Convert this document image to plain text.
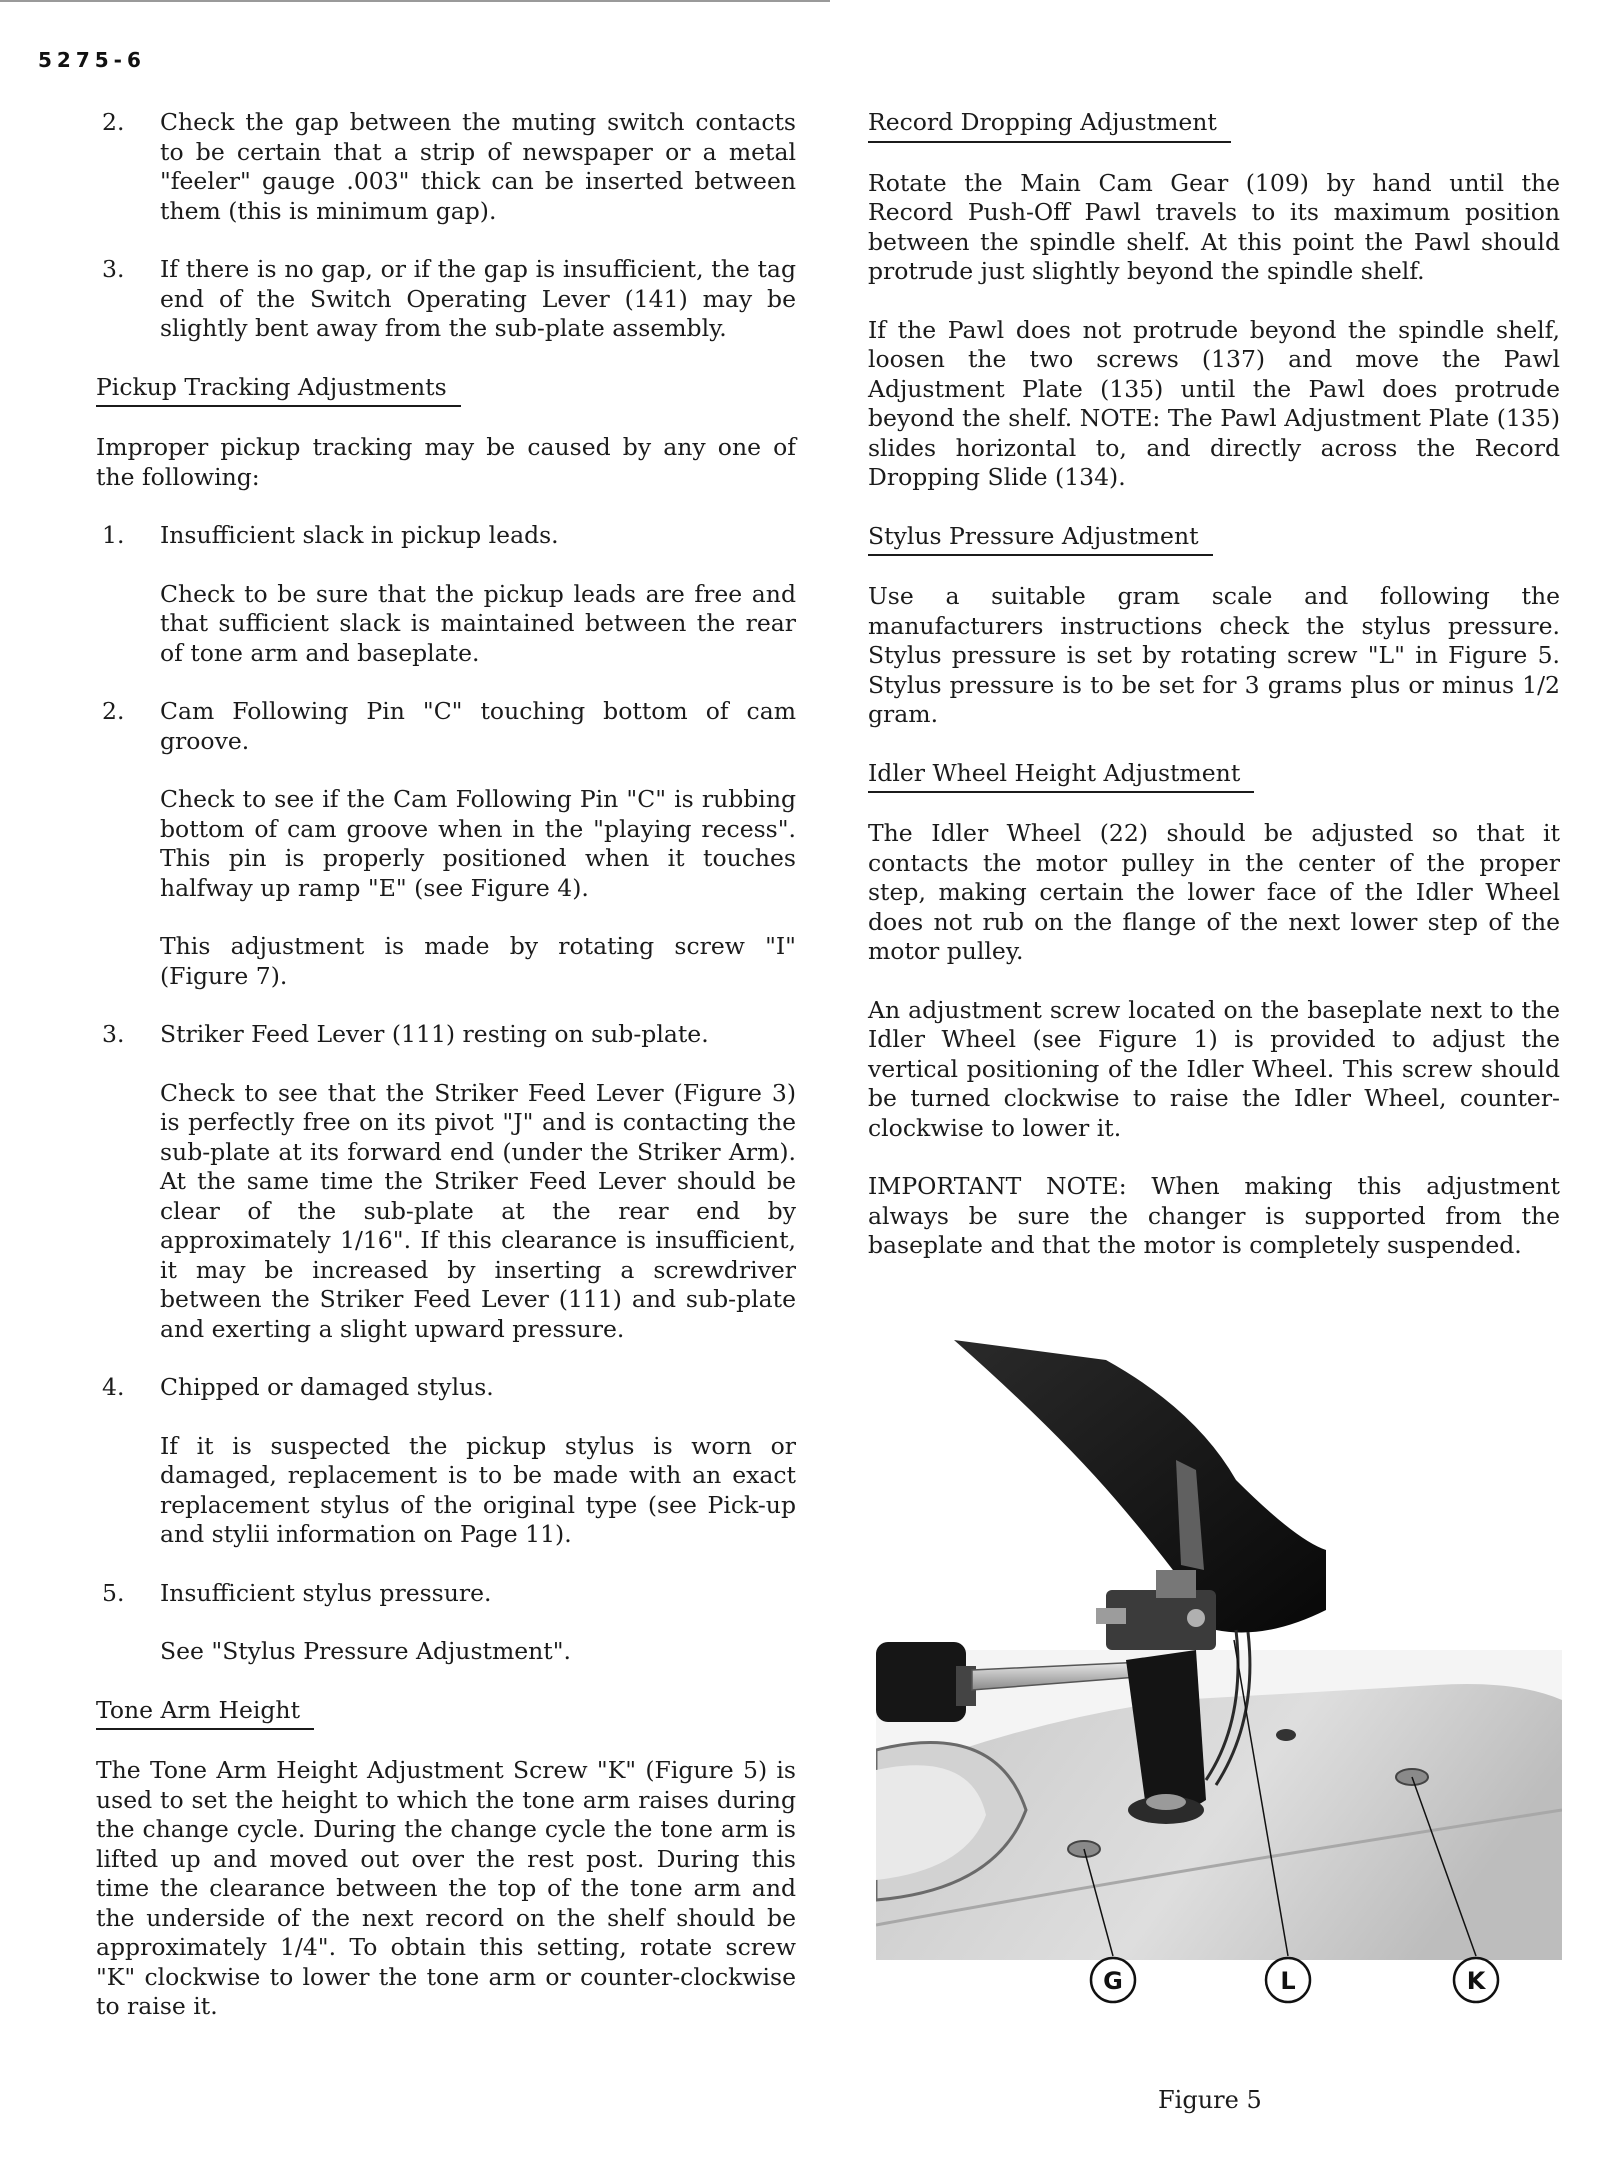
5275-6
2. Check the gap between the muting switch contacts to be certain that a strip of newspaper or a metal "feeler" gauge .003" thick can be inserted between them (this is minimum gap).

3. If there is no gap, or if the gap is insufficient, the tag end of the Switch Operating Lever (141) may be slightly bent away from the sub-plate assembly.

Pickup Tracking Adjustments

Improper pickup tracking may be caused by any one of the following:

1. Insufficient slack in pickup leads.

Check to be sure that the pickup leads are free and that sufficient slack is maintained between the rear of tone arm and baseplate.

2. Cam Following Pin "C" touching bottom of cam groove.

Check to see if the Cam Following Pin "C" is rubbing bottom of cam groove when in the "playing recess". This pin is properly positioned when it touches halfway up ramp "E" (see Figure 4).

This adjustment is made by rotating screw "I" (Figure 7).

3. Striker Feed Lever (111) resting on sub-plate.

Check to see that the Striker Feed Lever (Figure 3) is perfectly free on its pivot "J" and is contacting the sub-plate at its forward end (under the Striker Arm). At the same time the Striker Feed Lever should be clear of the sub-plate at the rear end by approximately 1/16". If this clearance is insufficient, it may be increased by inserting a screwdriver between the Striker Feed Lever (111) and sub-plate and exerting a slight upward pressure.

4. Chipped or damaged stylus.

If it is suspected the pickup stylus is worn or damaged, replacement is to be made with an exact replacement stylus of the original type (see Pick-up and stylii information on Page 11).

5. Insufficient stylus pressure.

See "Stylus Pressure Adjustment".

Tone Arm Height

The Tone Arm Height Adjustment Screw "K" (Figure 5) is used to set the height to which the tone arm raises during the change cycle. During the change cycle the tone arm is lifted up and moved out over the rest post. During this time the clearance between the top of the tone arm and the underside of the next record on the shelf should be approximately 1/4". To obtain this setting, rotate screw "K" clockwise to lower the tone arm or counter-clockwise to raise it.

Record Dropping Adjustment

Rotate the Main Cam Gear (109) by hand until the Record Push-Off Pawl travels to its maximum position between the spindle shelf. At this point the Pawl should protrude just slightly beyond the spindle shelf.

If the Pawl does not protrude beyond the spindle shelf, loosen the two screws (137) and move the Pawl Adjustment Plate (135) until the Pawl does protrude beyond the shelf. NOTE: The Pawl Adjustment Plate (135) slides horizontal to, and directly across the Record Dropping Slide (134).

Stylus Pressure Adjustment

Use a suitable gram scale and following the manufacturers instructions check the stylus pressure. Stylus pressure is set by rotating screw "L" in Figure 5. Stylus pressure is to be set for 3 grams plus or minus 1/2 gram.

Idler Wheel Height Adjustment

The Idler Wheel (22) should be adjusted so that it contacts the motor pulley in the center of the proper step, making certain the lower face of the Idler Wheel does not rub on the flange of the next lower step of the motor pulley.

An adjustment screw located on the baseplate next to the Idler Wheel (see Figure 1) is provided to adjust the vertical positioning of the Idler Wheel. This screw should be turned clockwise to raise the Idler Wheel, counter-clockwise to lower it.

IMPORTANT NOTE: When making this adjustment always be sure the changer is supported from the baseplate and that the motor is completely suspended.

G	L	K
Figure 5
